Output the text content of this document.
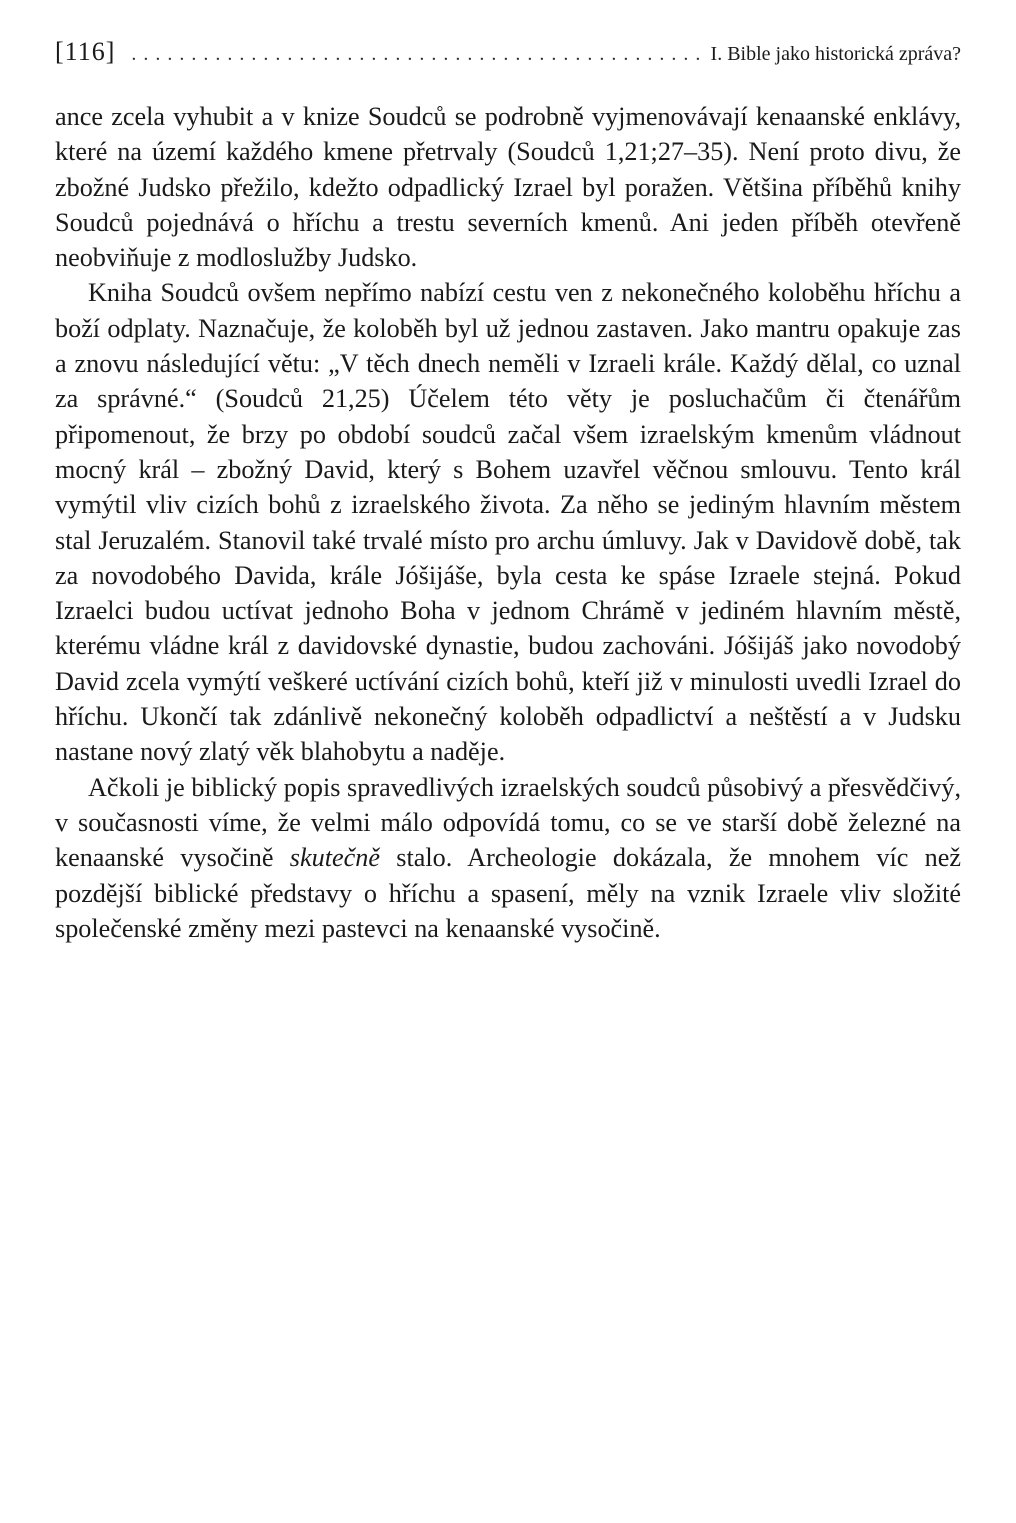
[116]
. . .	I. Bible jako historická zpráva?

ance zcela vyhubit a v knize Soudců se podrobně vyjmenovávají kenaanské enklávy, které na území každého kmene přetrvaly (Soudců 1,21;27–35). Není proto divu, že zbožné Judsko přežilo, kdežto odpadlický Izrael byl poražen. Většina příběhů knihy Soudců pojednává o hříchu a trestu severních kmenů. Ani jeden příběh otevřeně neobviňuje z modloslužby Judsko.

Kniha Soudců ovšem nepřímo nabízí cestu ven z nekonečného koloběhu hříchu a boží odplaty. Naznačuje, že koloběh byl už jednou zastaven. Jako mantru opakuje zas a znovu následující větu: „V těch dnech neměli v Izraeli krále. Každý dělal, co uznal za správné.“ (Soudců 21,25) Účelem této věty je posluchačům či čtenářům připomenout, že brzy po období soudců začal všem izraelským kmenům vládnout mocný král – zbožný David, který s Bohem uzavřel věčnou smlouvu. Tento král vymýtil vliv cizích bohů z izraelského života. Za něho se jediným hlavním městem stal Jeruzalém. Stanovil také trvalé místo pro archu úmluvy. Jak v Davidově době, tak za novodobého Davida, krále Jóšijáše, byla cesta ke spáse Izraele stejná. Pokud Izraelci budou uctívat jednoho Boha v jednom Chrámě v jediném hlavním městě, kterému vládne král z davidovské dynastie, budou zachováni. Jóšijáš jako novodobý David zcela vymýtí veškeré uctívání cizích bohů, kteří již v minulosti uvedli Izrael do hříchu. Ukončí tak zdánlivě nekonečný koloběh odpadlictví a neštěstí a v Judsku nastane nový zlatý věk blahobytu a naděje.

Ačkoli je biblický popis spravedlivých izraelských soudců působivý a přesvědčivý, v současnosti víme, že velmi málo odpovídá tomu, co se ve starší době železné na kenaanské vysočině skutečně stalo. Archeologie dokázala, že mnohem víc než pozdější biblické představy o hříchu a spasení, měly na vznik Izraele vliv složité společenské změny mezi pastevci na kenaanské vysočině.
